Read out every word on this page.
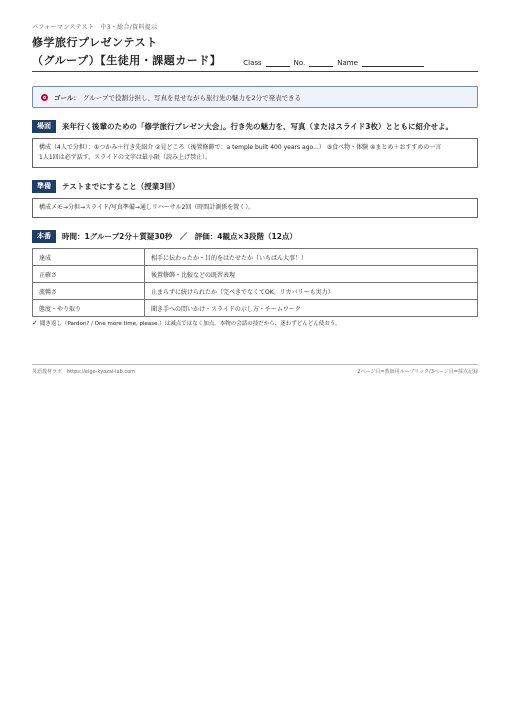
パフォーマンステスト　中3・総合/資料提示
修学旅行プレゼンテスト
（グループ）【生徒用・課題カード】	Class	No.	Name
ゴール： グループで役割分担し、写真を見せながら旅行先の魅力を2分で発表できる
場面	来年行く後輩のための「修学旅行プレゼン大会」。行き先の魅力を、写真（またはスライド3枚）とともに紹介せよ。
構成（4人で分担）：①つかみ＋行き先紹介 ②見どころ（後置修飾で：a temple built 400 years ago...） ③食べ物・体験 ④まとめ＋おすすめの一言
1人1回は必ず話す。スライドの文字は最小限（読み上げ禁止）。
準備	テストまでにすること（授業3回）
構成メモ→分担→スライド/写真準備→通しリハーサル2回（時間計測係を置く）。
本番	時間：1グループ2分＋質疑30秒　／　評価：4観点×3段階（12点）
達成	相手に伝わったか・目的をはたせたか（いちばん大事！）
正確さ	後置修飾・比較などの既習表現
流暢さ	止まらずに続けられたか（完ぺきでなくてOK。リカバリーも実力）
態度・やり取り	聞き手への問いかけ・スライドの示し方・チームワーク
✓ 聞き返し（Pardon? / One more time, please.）は減点ではなく加点。本物の会話の技だから、迷わずどんどん使おう。
英語教材ラボ　https://eigo-kyozai-lab.com	2ページ目=教師用ルーブリック/3ページ目=採点記録
